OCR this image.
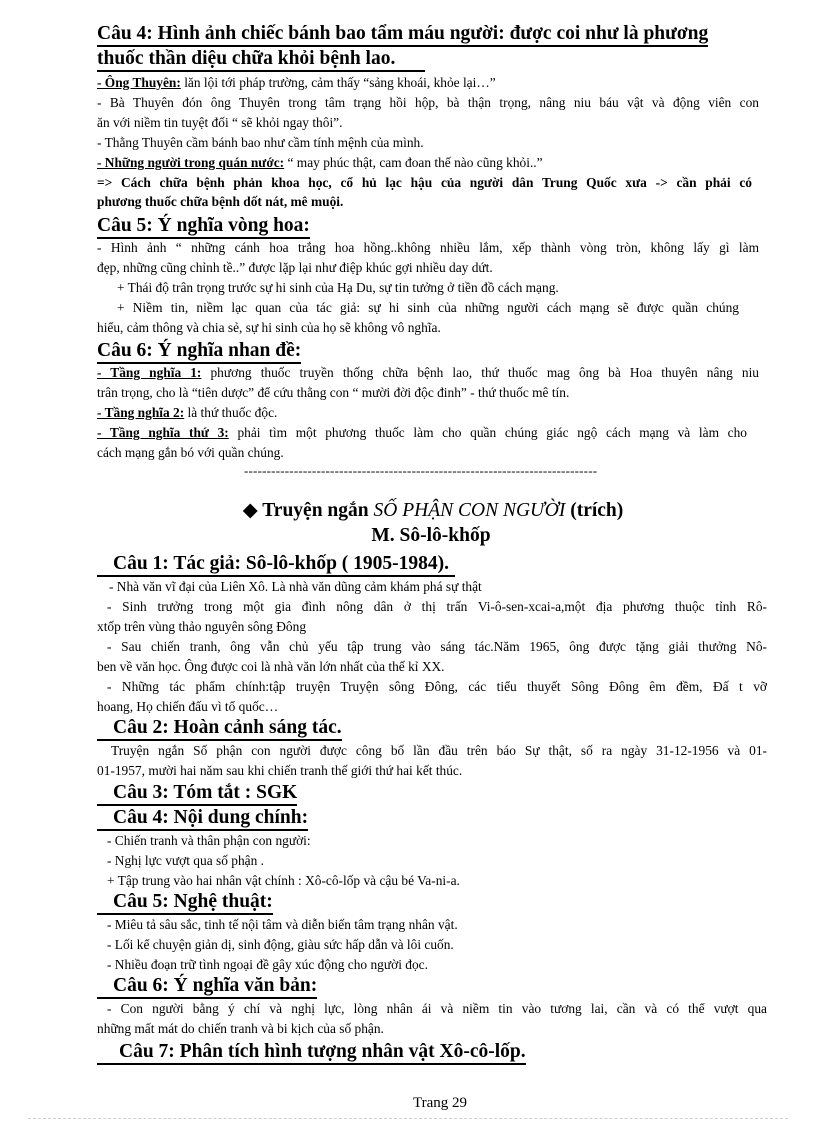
Câu 4: Hình ảnh chiếc bánh bao tẩm máu người: được coi như là phương
thuốc thần diệu chữa khỏi bệnh lao.
- Ông Thuyên: lăn lội tới pháp trường, cảm thấy “sảng khoái, khỏe lại…”
- Bà Thuyên đón ông Thuyên trong tâm trạng hồi hộp, bà thận trọng, nâng niu báu vật và động viên con
ăn với niềm tin tuyệt đối “ sẽ khỏi ngay thôi”.
- Thằng Thuyên cầm bánh bao như cầm tính mệnh của mình.
- Những người trong quán nước: “ may phúc thật, cam đoan thế nào cũng khỏi..”
=> Cách chữa bệnh phản khoa học, cổ hủ lạc hậu của người dân Trung Quốc xưa -> cần phải có
phương thuốc chữa bệnh dốt nát, mê muội.
Câu 5: Ý nghĩa vòng hoa:
- Hình ảnh “ những cánh hoa trắng hoa hồng..không nhiều lắm, xếp thành vòng tròn, không lấy gì làm
đẹp, những cũng chỉnh tề..” được lặp lại như điệp khúc gợi nhiều day dứt.
+ Thái độ trân trọng trước sự hi sinh của Hạ Du, sự tin tưởng ở tiền đồ cách mạng.
+ Niềm tin, niềm lạc quan của tác giả: sự hi sinh của những người cách mạng sẽ được quần chúng
hiểu, cảm thông và chia sẻ, sự hi sinh của họ sẽ không vô nghĩa.
Câu 6: Ý nghĩa nhan đề:
- Tầng nghĩa 1: phương thuốc truyền thống chữa bệnh lao, thứ thuốc mag ông bà Hoa thuyên nâng niu
trân trọng, cho là “tiên dược” để cứu thằng con “ mười đời độc đinh” - thứ thuốc mê tín.
- Tầng nghĩa 2: là thứ thuốc độc.
- Tầng nghĩa thứ 3: phải tìm một phương thuốc làm cho quần chúng giác ngộ cách mạng và làm cho
cách mạng gắn bó với quần chúng.
------------------------------------------------------------------------------
◆ Truyện ngắn SỐ PHẬN CON NGƯỜI (trích)
M. Sô-lô-khốp
Câu 1: Tác giả: Sô-lô-khốp ( 1905-1984).
- Nhà văn vĩ đại của Liên Xô. Là nhà văn dũng cảm khám phá sự thật
- Sinh trưởng trong một gia đình nông dân ở thị trấn Vi-ô-sen-xcai-a,một địa phương thuộc tỉnh Rô-
xtốp trên vùng thảo nguyên sông Đông
- Sau chiến tranh, ông vẫn chủ yếu tập trung vào sáng tác.Năm 1965, ông được tặng giải thưởng Nô-
ben về văn học. Ông được coi là nhà văn lớn nhất của thế kỉ XX.
- Những tác phẩm chính:tập truyện Truyện sông Đông, các tiểu thuyết Sông Đông êm đềm, Đấ t vỡ
hoang, Họ chiến đấu vì tổ quốc…
Câu 2: Hoàn cảnh sáng tác.
Truyện ngắn Số phận con người được công bố lần đầu trên báo Sự thật, số ra ngày 31-12-1956 và 01-
01-1957, mười hai năm sau khi chiến tranh thế giới thứ hai kết thúc.
Câu 3: Tóm tắt : SGK
Câu 4: Nội dung chính:
- Chiến tranh và thân phận con người:
- Nghị lực vượt qua số phận .
+ Tập trung vào hai nhân vật chính : Xô-cô-lốp và cậu bé Va-ni-a.
Câu 5: Nghệ thuật:
- Miêu tả sâu sắc, tinh tế nội tâm và diễn biến tâm trạng nhân vật.
- Lối kể chuyện giản dị, sinh động, giàu sức hấp dẫn và lôi cuốn.
- Nhiều đoạn trữ tình ngoại đề gây xúc động cho người đọc.
Câu 6: Ý nghĩa văn bản:
- Con người bằng ý chí và nghị lực, lòng nhân ái và niềm tin vào tương lai, cần và có thể vượt qua
những mất mát do chiến tranh và bi kịch của số phận.
Câu 7: Phân tích hình tượng nhân vật Xô-cô-lốp.
Trang 29
